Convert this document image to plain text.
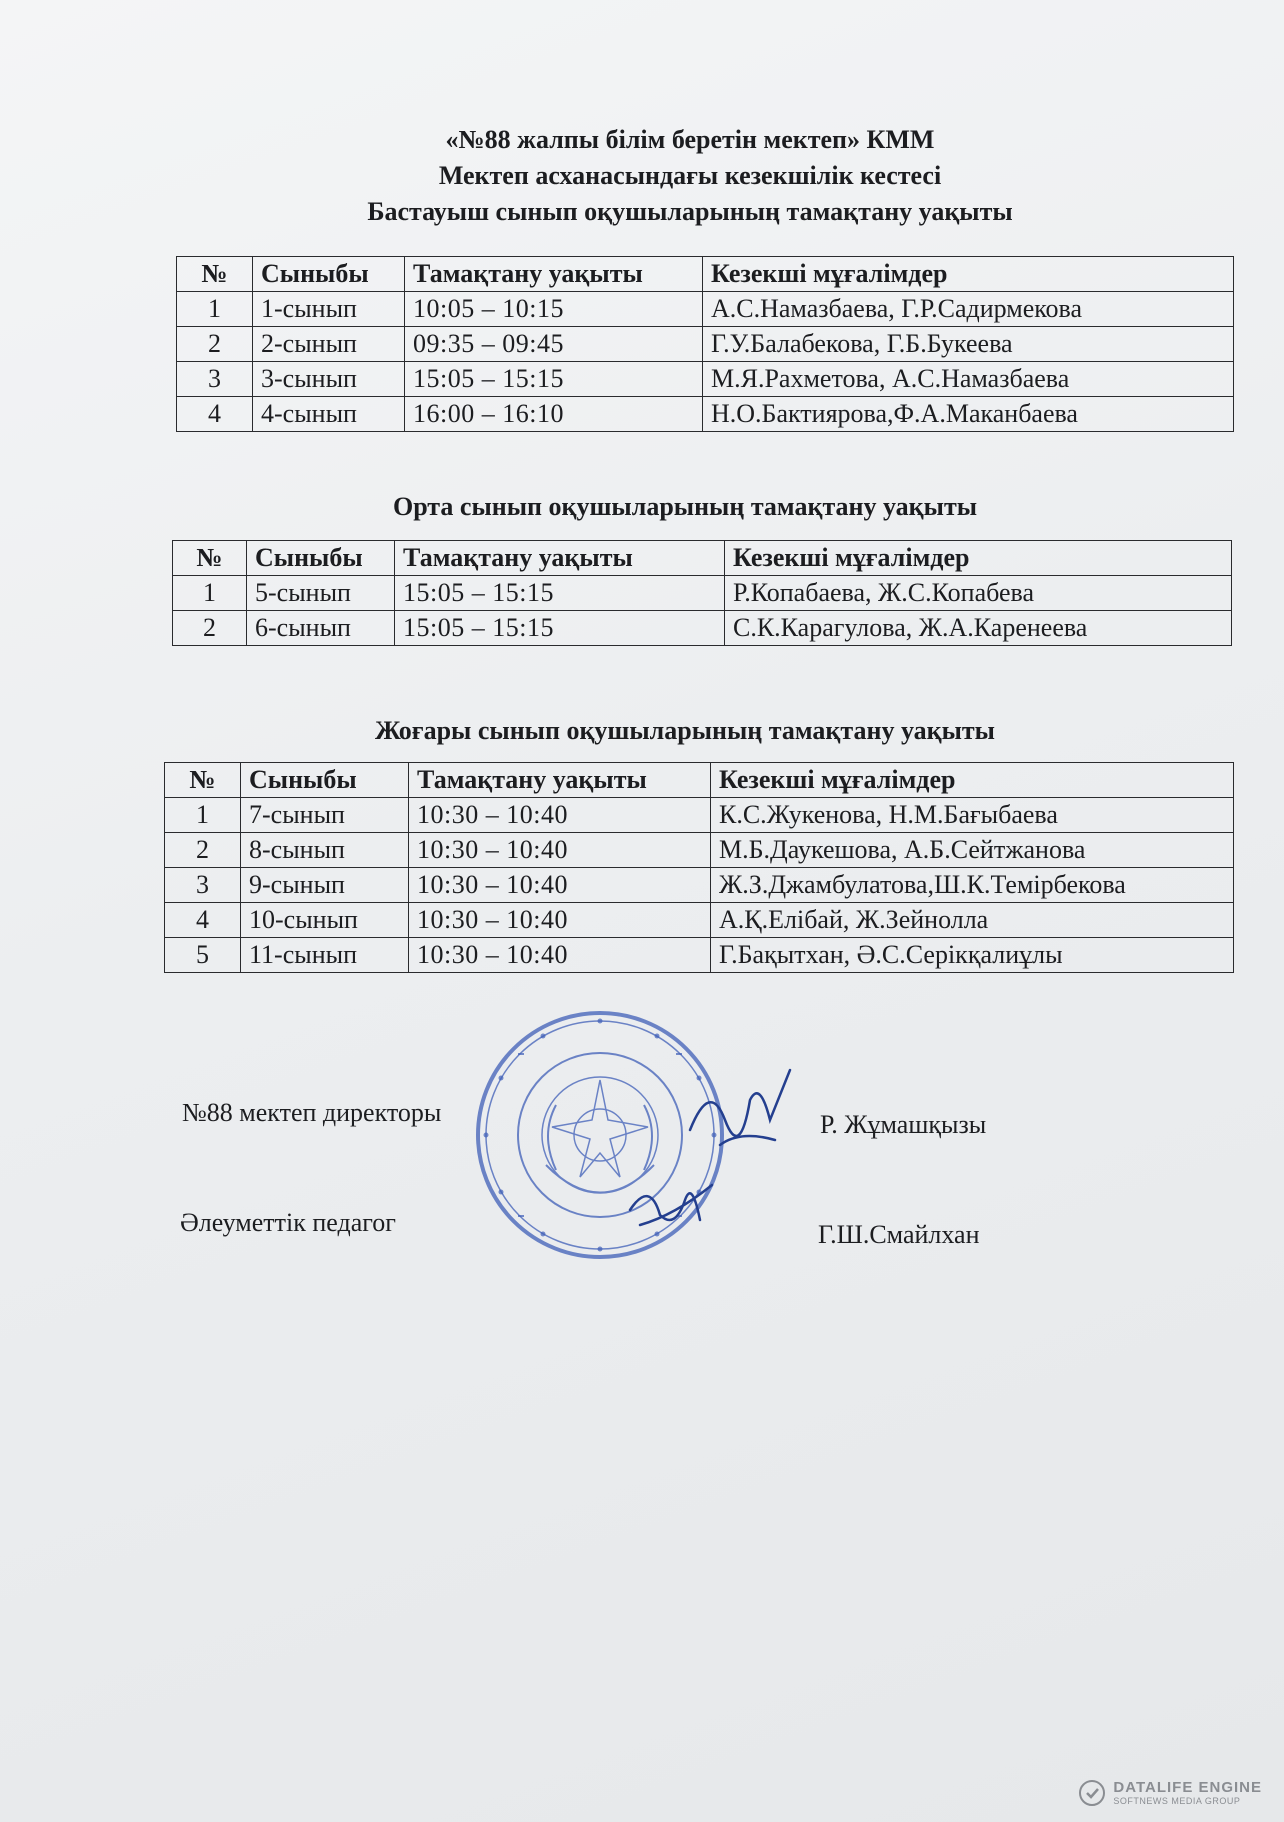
«№88 жалпы білім беретін мектеп» КММ
Мектеп асханасындағы кезекшілік кестесі
Бастауыш сынып оқушыларының тамақтану уақыты
№	Сыныбы	Тамақтану уақыты	Кезекші мұғалімдер
1	1-сынып	10:05 – 10:15	А.С.Намазбаева, Г.Р.Садирмекова
2	2-сынып	09:35 – 09:45	Г.У.Балабекова, Г.Б.Букеева
3	3-сынып	15:05 – 15:15	М.Я.Рахметова, А.С.Намазбаева
4	4-сынып	16:00 – 16:10	Н.О.Бактиярова,Ф.А.Маканбаева
Орта сынып оқушыларының тамақтану уақыты
№	Сыныбы	Тамақтану уақыты	Кезекші мұғалімдер
1	5-сынып	15:05 – 15:15	Р.Копабаева, Ж.С.Копабева
2	6-сынып	15:05 – 15:15	С.К.Карагулова, Ж.А.Каренеева
Жоғары сынып оқушыларының тамақтану уақыты
№	Сыныбы	Тамақтану уақыты	Кезекші мұғалімдер
1	7-сынып	10:30 – 10:40	К.С.Жукенова, Н.М.Бағыбаева
2	8-сынып	10:30 – 10:40	М.Б.Даукешова, А.Б.Сейтжанова
3	9-сынып	10:30 – 10:40	Ж.З.Джамбулатова,Ш.К.Темірбекова
4	10-сынып	10:30 – 10:40	А.Қ.Елібай, Ж.Зейнолла
5	11-сынып	10:30 – 10:40	Г.Бақытхан, Ә.С.Серікқалиұлы
№88 мектеп директоры	Р. Жұмашқызы
Әлеуметтік педагог	Г.Ш.Смайлхан
DATALIFE ENGINE
SOFTNEWS MEDIA GROUP
